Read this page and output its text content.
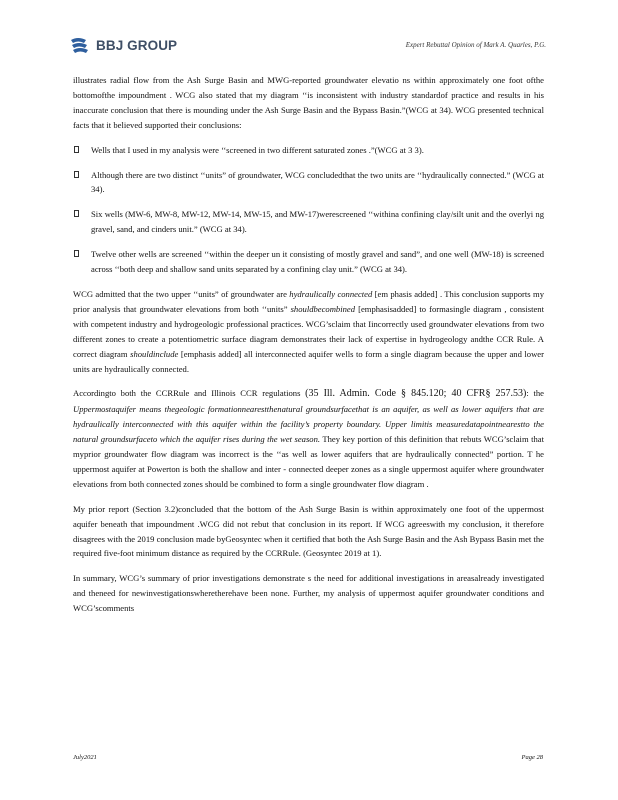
BBJ GROUP	Expert Rebuttal Opinion of Mark A. Quarles, P.G.

illustrates radial flow from the Ash Surge Basin and MWG-reported groundwater elevatio ns within approximately one foot ofthe bottomofthe impoundment . WCG also stated that my diagram ‘‘is inconsistent with industry standardof practice and results in his inaccurate conclusion that there is mounding under the Ash Surge Basin and the Bypass Basin.”(WCG at 34). WCG presented technical facts that it believed supported their conclusions:

Wells that I used in my analysis were ‘‘screened in two different saturated zones .”(WCG at 3 3).
Although there are two distinct ‘‘units” of groundwater, WCG concludedthat the two units are ‘‘hydraulically connected.” (WCG at 34).
Six wells (MW-6, MW-8, MW-12, MW-14, MW-15, and MW-17)werescreened ‘‘withina confining clay/silt unit and the overlyi ng gravel, sand, and cinders unit.” (WCG at 34).
Twelve other wells are screened ‘‘within the deeper un it consisting of mostly gravel and sand”, and one well (MW-18) is screened across ‘‘both deep and shallow sand units separated by a confining clay unit.” (WCG at 34).

WCG admitted that the two upper ‘‘units” of groundwater are hydraulically connected [em phasis added] . This conclusion supports my prior analysis that groundwater elevations from both ‘‘units” shouldbecombined [emphasisadded] to formasingle diagram , consistent with competent industry and hydrogeologic professional practices. WCG’sclaim that Iincorrectly used groundwater elevations from two different zones to create a potentiometric surface diagram demonstrates their lack of expertise in hydrogeology andthe CCR Rule. A correct diagram shouldinclude [emphasis added] all interconnected aquifer wells to form a single diagram because the upper and lower units are hydraulically connected.

Accordingto both the CCRRule and Illinois CCR regulations (35 Ill. Admin. Code § 845.120; 40 CFR§ 257.53): the Uppermostaquifer means thegeologic formationnearestthenatural groundsurfacethat is an aquifer, as well as lower aquifers that are hydraulically interconnected with this aquifer within the facility’s property boundary. Upper limitis measuredatapointnearestto the natural groundsurfaceto which the aquifer rises during the wet season. They key portion of this definition that rebuts WCG’sclaim that myprior groundwater flow diagram was incorrect is the ‘‘as well as lower aquifers that are hydraulically connected” portion. T he uppermost aquifer at Powerton is both the shallow and inter - connected deeper zones as a single uppermost aquifer where groundwater elevations from both connected zones should be combined to form a single groundwater flow diagram .

My prior report (Section 3.2)concluded that the bottom of the Ash Surge Basin is within approximately one foot of the uppermost aquifer beneath that impoundment .WCG did not rebut that conclusion in its report. If WCG agreeswith my conclusion, it therefore disagrees with the 2019 conclusion made byGeosyntec when it certified that both the Ash Surge Basin and the Ash Bypass Basin met the required five-foot minimum distance as required by the CCRRule. (Geosyntec 2019 at 1).

In summary, WCG’s summary of prior investigations demonstrate s the need for additional investigations in areasalready investigated and theneed for newinvestigationswheretherehave been none. Further, my analysis of uppermost aquifer groundwater conditions and WCG’scomments

July2021	Page 28
